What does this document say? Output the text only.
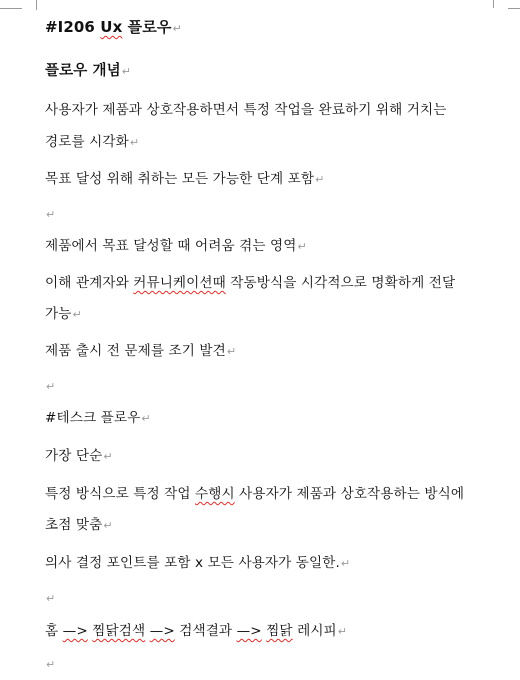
#I206 Ux 플로우↵
플로우 개념↵
사용자가 제품과 상호작용하면서 특정 작업을 완료하기 위해 거치는
경로를 시각화↵
목표 달성 위해 취하는 모든 가능한 단계 포함↵
↵
제품에서 목표 달성할 때 어려움 겪는 영역↵
이해 관계자와 커뮤니케이션때 작동방식을 시각적으로 명확하게 전달
가능↵
제품 출시 전 문제를 조기 발견↵
↵
#테스크 플로우↵
가장 단순↵
특정 방식으로 특정 작업 수행시 사용자가 제품과 상호작용하는 방식에
초점 맞춤↵
의사 결정 포인트를 포함 x 모든 사용자가 동일한.↵
↵
홈 —> 찜닭검색 —> 검색결과 —> 찜닭 레시피↵
↵
